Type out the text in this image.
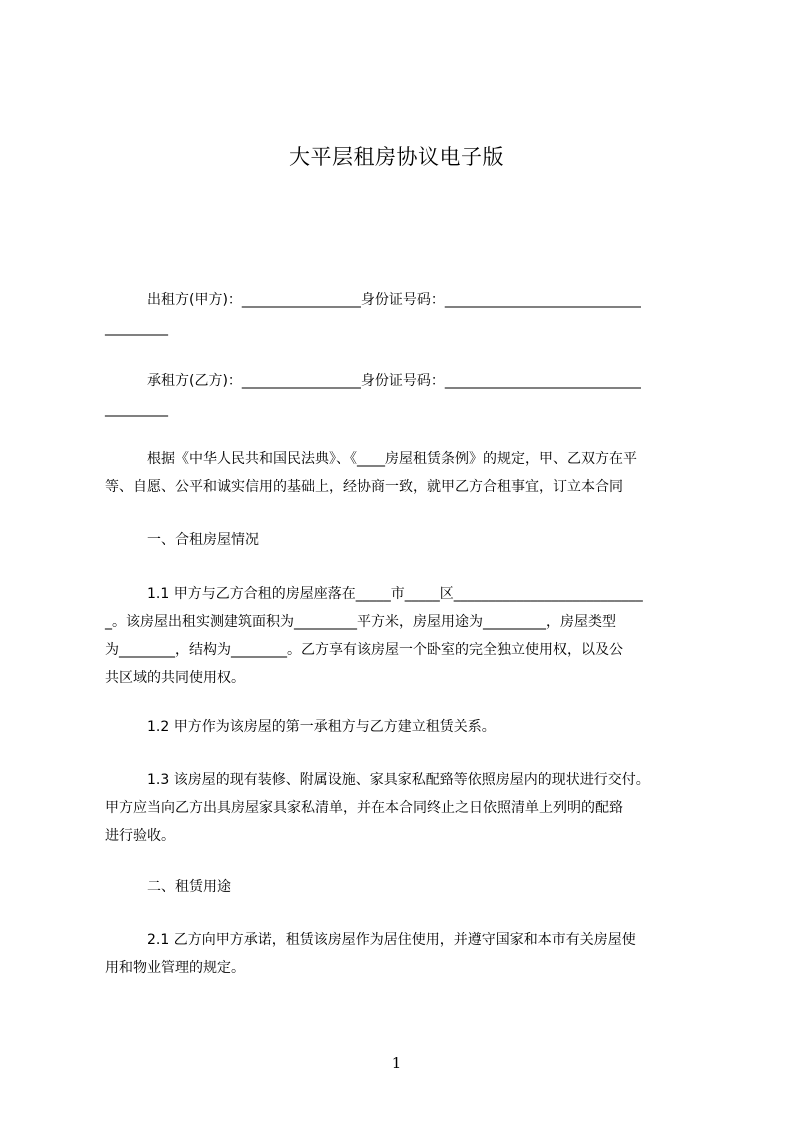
大平层租房协议电子版
　　　出租方(甲方)：_________________身份证号码：____________________________
_________
　　　承租方(乙方)：_________________身份证号码：____________________________
_________
　　　根据《中华人民共和国民法典》、《____房屋租赁条例》的规定，甲、乙双方在平
等、自愿、公平和诚实信用的基础上，经协商一致，就甲乙方合租事宜，订立本合同
　　　一、合租房屋情况
　　　1.1 甲方与乙方合租的房屋座落在_____市_____区___________________________
_。该房屋出租实测建筑面积为_________平方米，房屋用途为_________，房屋类型
为________，结构为________。乙方享有该房屋一个卧室的完全独立使用权，以及公
共区域的共同使用权。
　　　1.2 甲方作为该房屋的第一承租方与乙方建立租赁关系。
　　　1.3 该房屋的现有装修、附属设施、家具家私配臵等依照房屋内的现状进行交付。
甲方应当向乙方出具房屋家具家私清单，并在本合同终止之日依照清单上列明的配臵
进行验收。
　　　二、租赁用途
　　　2.1 乙方向甲方承诺，租赁该房屋作为居住使用，并遵守国家和本市有关房屋使
用和物业管理的规定。
1
